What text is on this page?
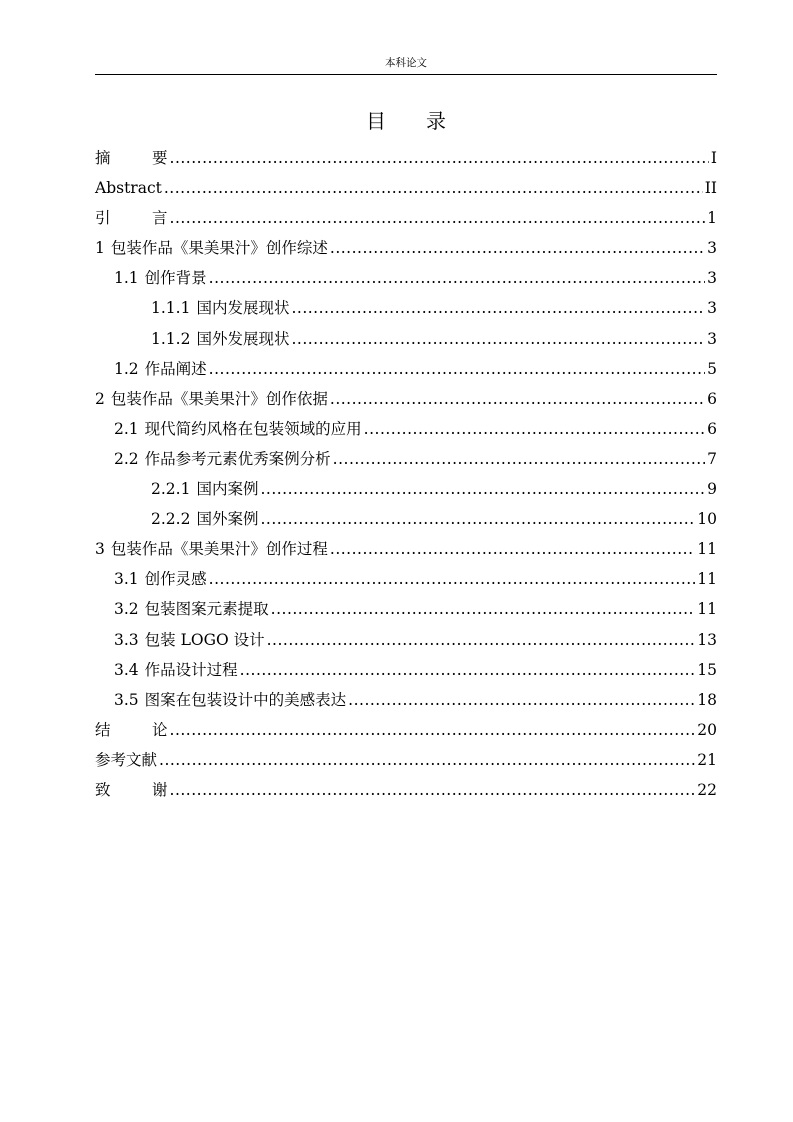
本科论文
目 录
摘	要 .....	I
Abstract .....	II
引	言 .....	1
1 包装作品《果美果汁》创作综述 .....	3
1.1 创作背景 .....	3
1.1.1 国内发展现状 .....	3
1.1.2 国外发展现状 .....	3
1.2 作品阐述 .....	5
2 包装作品《果美果汁》创作依据 .....	6
2.1 现代简约风格在包装领域的应用 .....	6
2.2 作品参考元素优秀案例分析 .....	7
2.2.1 国内案例 .....	9
2.2.2 国外案例 .....	10
3 包装作品《果美果汁》创作过程 .....	11
3.1 创作灵感 .....	11
3.2 包装图案元素提取 .....	11
3.3 包装 LOGO 设计 .....	13
3.4 作品设计过程 .....	15
3.5 图案在包装设计中的美感表达 .....	18
结	论 .....	20
参考文献 .....	21
致	谢 .....	22
